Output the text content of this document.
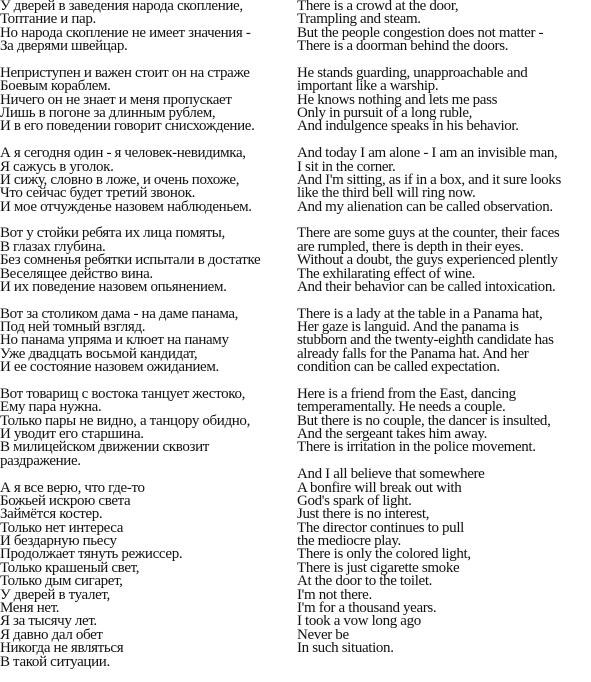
У дверей в заведения народа скопление,
Топтание и пар.
Но народа скопление не имеет значения -
За дверями швейцар.
Неприступен и важен стоит он на страже
Боевым кораблем.
Ничего он не знает и меня пропускает
Лишь в погоне за длинным рублем,
И в его поведении говорит снисхождение.
А я сегодня один - я человек-невидимка,
Я сажусь в уголок.
И сижу, словно в ложе, и очень похоже,
Что сейчас будет третий звонок.
И мое отчужденье назовем наблюденьем.
Вот у стойки ребята их лица помяты,
В глазах глубина.
Без сомненья ребятки испытали в достатке
Веселящее действо вина.
И их поведение назовем опьянением.
Вот за столиком дама - на даме панама,
Под ней томный взгляд.
Но панама упряма и клюет на панаму
Уже двадцать восьмой кандидат,
И ее состояние назовем ожиданием.
Вот товарищ с востока танцует жестоко,
Ему пара нужна.
Только пары не видно, а танцору обидно,
И уводит его старшина.
В милицейском движении сквозит
раздражение.
А я все верю, что где-то
Божьей искрою света
Займётся костер.
Только нет интереса
И бездарную пьесу
Продолжает тянуть режиссер.
Только крашеный свет,
Только дым сигарет,
У дверей в туалет,
Меня нет.
Я за тысячу лет.
Я давно дал обет
Никогда не являться
В такой ситуации.
There is a crowd at the door,
Trampling and steam.
But the people congestion does not matter -
There is a doorman behind the doors.
He stands guarding, unapproachable and
important like a warship.
He knows nothing and lets me pass
Only in pursuit of a long ruble,
And indulgence speaks in his behavior.
And today I am alone - I am an invisible man,
I sit in the corner.
And I'm sitting, as if in a box, and it sure looks
like the third bell will ring now.
And my alienation can be called observation.
There are some guys at the counter, their faces
are rumpled, there is depth in their eyes.
Without a doubt, the guys experienced plently
The exhilarating effect of wine.
And their behavior can be called intoxication.
There is a lady at the table in a Panama hat,
Her gaze is languid. And the panama is
stubborn and the twenty-eighth candidate has
already falls for the Panama hat. And her
condition can be called expectation.
Here is a friend from the East, dancing
temperamentally. He needs a couple.
But there is no couple, the dancer is insulted,
And the sergeant takes him away.
There is irritation in the police movement.
And I all believe that somewhere
A bonfire will break out with
God's spark of light.
Just there is no interest,
The director continues to pull
the mediocre play.
There is only the colored light,
There is just cigarette smoke
At the door to the toilet.
I'm not there.
I'm for a thousand years.
I took a vow long ago
Never be
In such situation.
